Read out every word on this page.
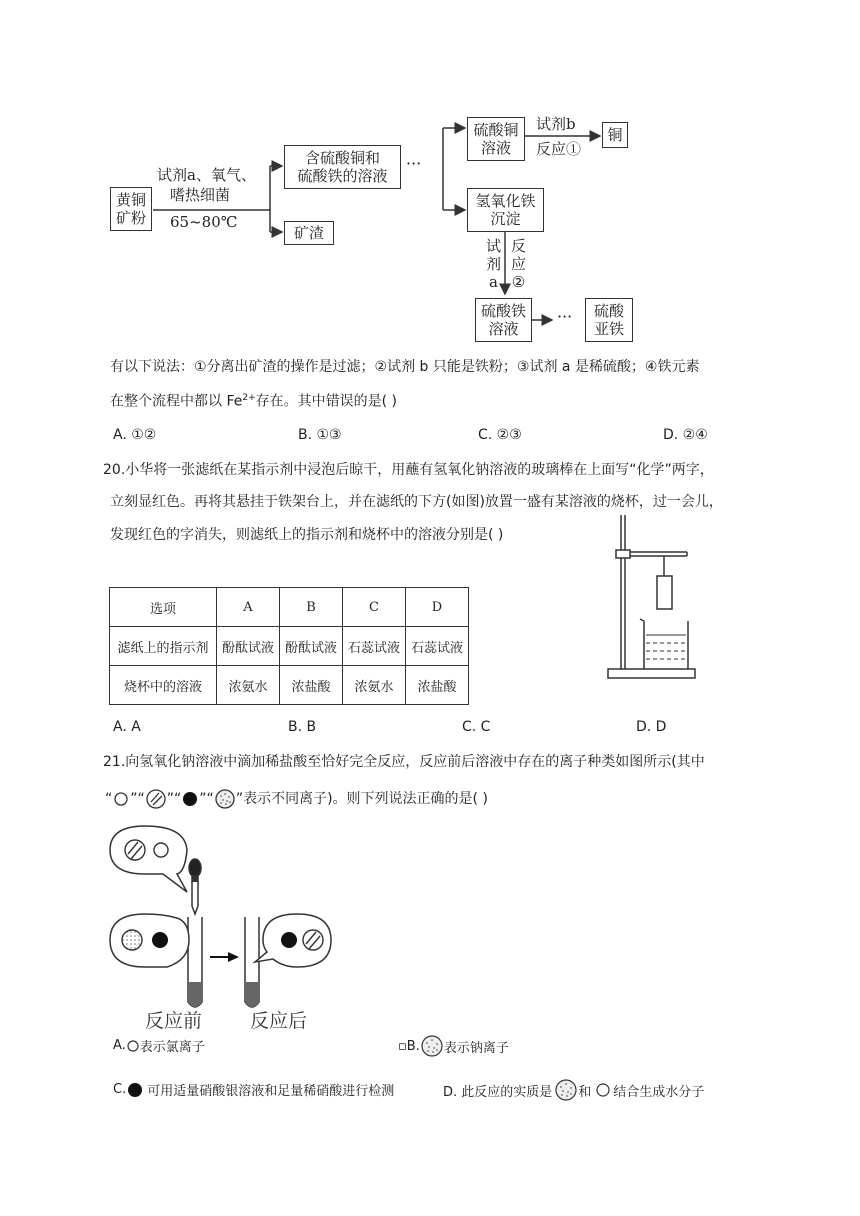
黄铜
矿粉
试剂a、氧气、
嗜热细菌
65~80℃
含硫酸铜和
硫酸铁的溶液
···
矿渣
硫酸铜
溶液
试剂b
反应①
铜
氢氧化铁
沉淀
试
剂
a
反
应
②
硫酸铁
溶液
···	硫酸
亚铁
有以下说法：①分离出矿渣的操作是过滤；②试剂 b 只能是铁粉；③试剂 a 是稀硫酸；④铁元素
在整个流程中都以 $Fe^{2+}$存在。其中错误的是( )
A. ①②	B. ①③	C. ②③	D. ②④
20.小华将一张滤纸在某指示剂中浸泡后晾干，用蘸有氢氧化钠溶液的玻璃棒在上面写“化学”两字，
立刻显红色。再将其悬挂于铁架台上，并在滤纸的下方(如图)放置一盛有某溶液的烧杯，过一会儿，
发现红色的字消失，则滤纸上的指示剂和烧杯中的溶液分别是( )
选项	A	B	C	D
滤纸上的指示剂	酚酞试液	酚酞试液	石蕊试液	石蕊试液
烧杯中的溶液	浓氨水	浓盐酸	浓氨水	浓盐酸
A. A	B. B	C. C	D. D
21.向氢氧化钠溶液中滴加稀盐酸至恰好完全反应，反应前后溶液中存在的离子种类如图所示(其中
“ ”“ ”“ ”“ ”表示不同离子)。则下列说法正确的是( )
反应前	反应后
A. 表示氯离子	▫B. 表示钠离子
C. 可用适量硝酸银溶液和足量稀硝酸进行检测	D. 此反应的实质是 和 结合生成水分子
